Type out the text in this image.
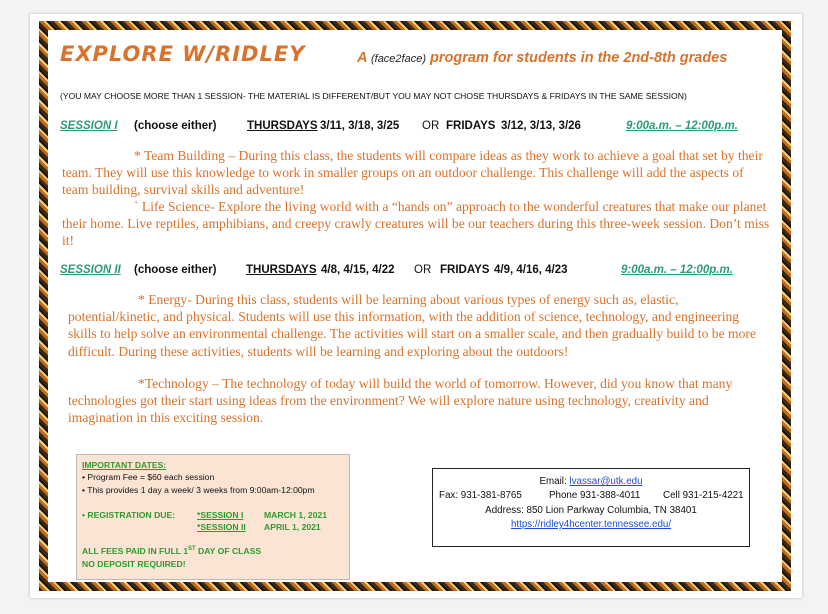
EXPLORE W/RIDLEY	A (face2face) program for students in the 2nd-8th grades
(YOU MAY CHOOSE MORE THAN 1 SESSION- THE MATERIAL IS DIFFERENT/BUT YOU MAY NOT CHOSE THURSDAYS & FRIDAYS IN THE SAME SESSION)
SESSION I (choose either)	THURSDAYS 3/11, 3/18, 3/25 OR FRIDAYS 3/12, 3/13, 3/26	9:00a.m. – 12:00p.m.
* Team Building – During this class, the students will compare ideas as they work to achieve a goal that set by their team. They will use this knowledge to work in smaller groups on an outdoor challenge. This challenge will add the aspects of team building, survival skills and adventure!
` Life Science- Explore the living world with a “hands on” approach to the wonderful creatures that make our planet their home. Live reptiles, amphibians, and creepy crawly creatures will be our teachers during this three-week session. Don’t miss it!
SESSION II (choose either)	THURSDAYS 4/8, 4/15, 4/22 OR FRIDAYS 4/9, 4/16, 4/23	9:00a.m. – 12:00p.m.
* Energy- During this class, students will be learning about various types of energy such as, elastic, potential/kinetic, and physical. Students will use this information, with the addition of science, technology, and engineering skills to help solve an environmental challenge. The activities will start on a smaller scale, and then gradually build to be more difficult. During these activities, students will be learning and exploring about the outdoors!
*Technology – The technology of today will build the world of tomorrow. However, did you know that many technologies got their start using ideas from the environment? We will explore nature using technology, creativity and imagination in this exciting session.
IMPORTANT DATES:
• Program Fee = $60 each session
• This provides 1 day a week/ 3 weeks from 9:00am-12:00pm
• REGISTRATION DUE:	*SESSION I MARCH 1, 2021
*SESSION II APRIL 1, 2021
ALL FEES PAID IN FULL 1ST DAY OF CLASS
NO DEPOSIT REQUIRED!
Email: lvassar@utk.edu
Fax: 931-381-8765	Phone 931-388-4011 Cell 931-215-4221
Address: 850 Lion Parkway Columbia, TN 38401
https://ridley4hcenter.tennessee.edu/
